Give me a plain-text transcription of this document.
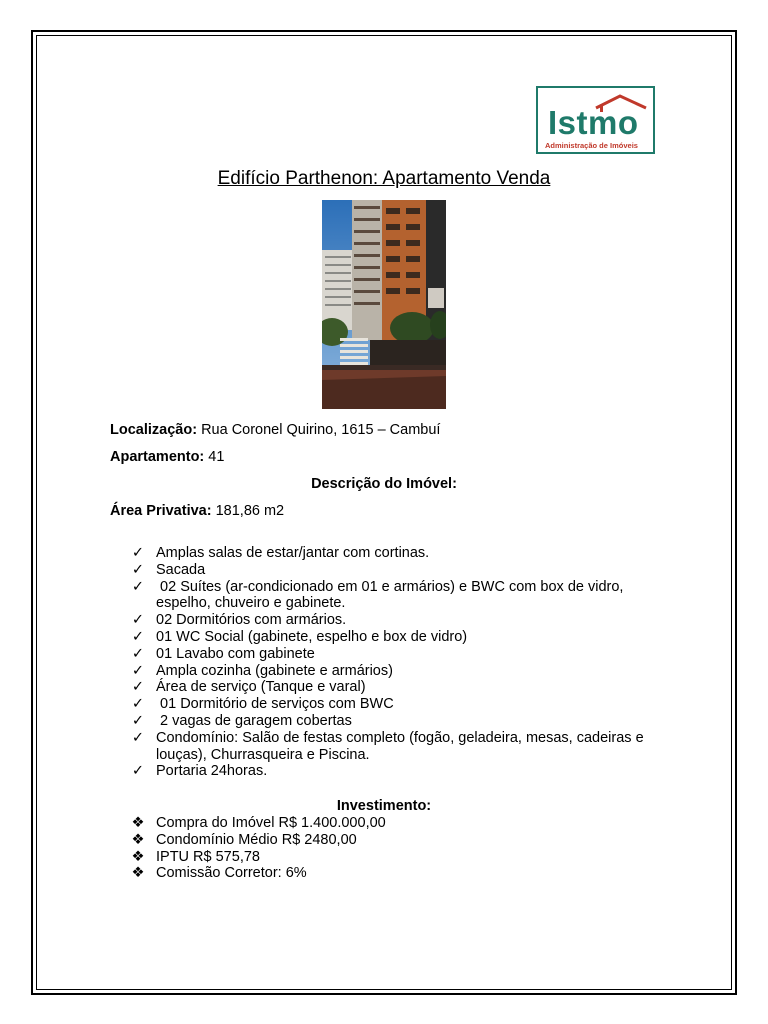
Istmo
Administração de Imóveis
Edifício Parthenon: Apartamento Venda
Localização: Rua Coronel Quirino, 1615 – Cambuí
Apartamento: 41
Descrição do Imóvel:
Área Privativa: 181,86 m2
✓ Amplas salas de estar/jantar com cortinas.
✓ Sacada
✓ 02 Suítes (ar-condicionado em 01 e armários) e BWC com box de vidro, espelho, chuveiro e gabinete.
✓ 02 Dormitórios com armários.
✓ 01 WC Social (gabinete, espelho e box de vidro)
✓ 01 Lavabo com gabinete
✓ Ampla cozinha (gabinete e armários)
✓ Área de serviço (Tanque e varal)
✓ 01 Dormitório de serviços com BWC
✓ 2 vagas de garagem cobertas
✓ Condomínio: Salão de festas completo (fogão, geladeira, mesas, cadeiras e louças), Churrasqueira e Piscina.
✓ Portaria 24horas.
Investimento:
❖ Compra do Imóvel R$ 1.400.000,00
❖ Condomínio Médio R$ 2480,00
❖ IPTU R$ 575,78
❖ Comissão Corretor: 6%
